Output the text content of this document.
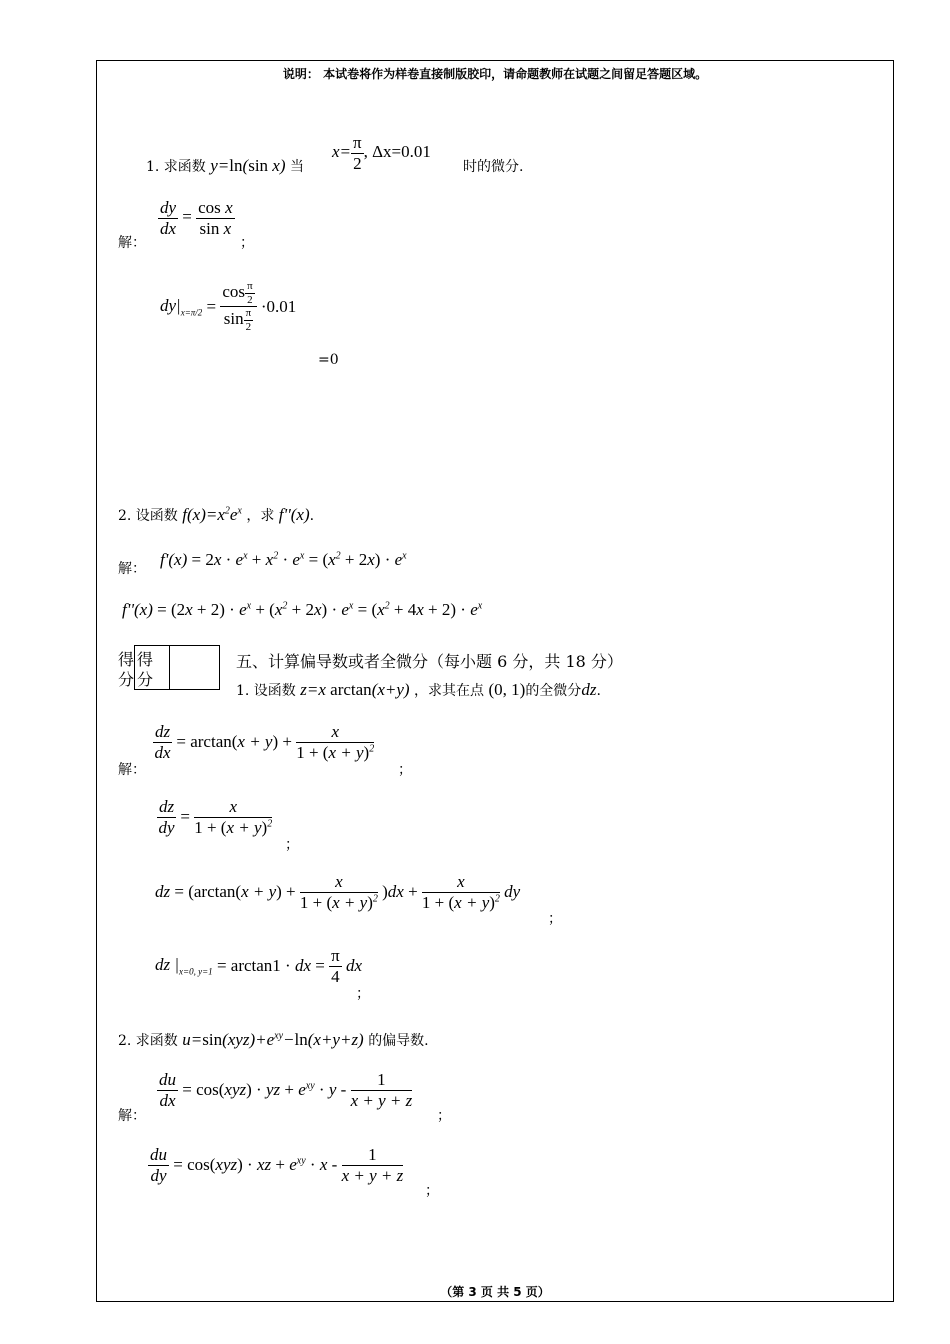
说明： 本试卷将作为样卷直接制版胶印，请命题教师在试题之间留足答题区域。
1. 求函数 y=ln(sin x) 当
$x= \frac{\pi}{2}$ , Δx=0.01
时的微分.
解：
$\frac{dy}{dx} = \frac{\text{cos x}}{\text{sin x}}$
；
$dy|_{x=\pi/2} = \frac{\cos \frac{\pi}{2}}{\sin \frac{\pi}{2}} \cdot 0.01$
=0
2. 设函数 $f(x)=x^2e^x$ ，求 f''(x).
解： $f'(x) = 2x \cdot e^x + x^2 \cdot e^x = (x^2 + 2x) \cdot e^x$
$f''(x) = (2x + 2) \cdot e^x + (x^2 + 2x) \cdot e^x = (x^2 + 4x + 2) \cdot e^x$
得分
得分
五、计算偏导数或者全微分（每小题 6 分，共 18 分）
1. 设函数 z=x arctan(x+y) ，求其在点 (0, 1)的全微分dz.
解：
$\frac{dz}{dx} = \arctan(x + y) + \frac{x}{1 + (x + y)^2}$
；
$\frac{dz}{dy} = \frac{x}{1 + (x + y)^2}$
；
dz = $(\arctan(x + y) + \frac{x}{1 + (x + y)^2} )dx + \frac{x}{1 + (x + y)^2}$ dy
；
dz $|_{x=0, y=1} = \arctan 1$ · dx = $\frac{\pi}{4}$ dx
；
2. 求函数 $u=\sin(xyz)+e^{xy}-\ln(x+y+z)$ 的偏导数.
解：
$\frac{du}{dx} = \cos(xyz)$ · yz + $e^{xy} \cdot y - \frac{1}{x + y + z}$
；
$\frac{du}{dy} = \cos(xyz)$ · xz + $e^{xy} \cdot x - \frac{1}{x + y + z}$
；
（第 3 页 共 5 页）
